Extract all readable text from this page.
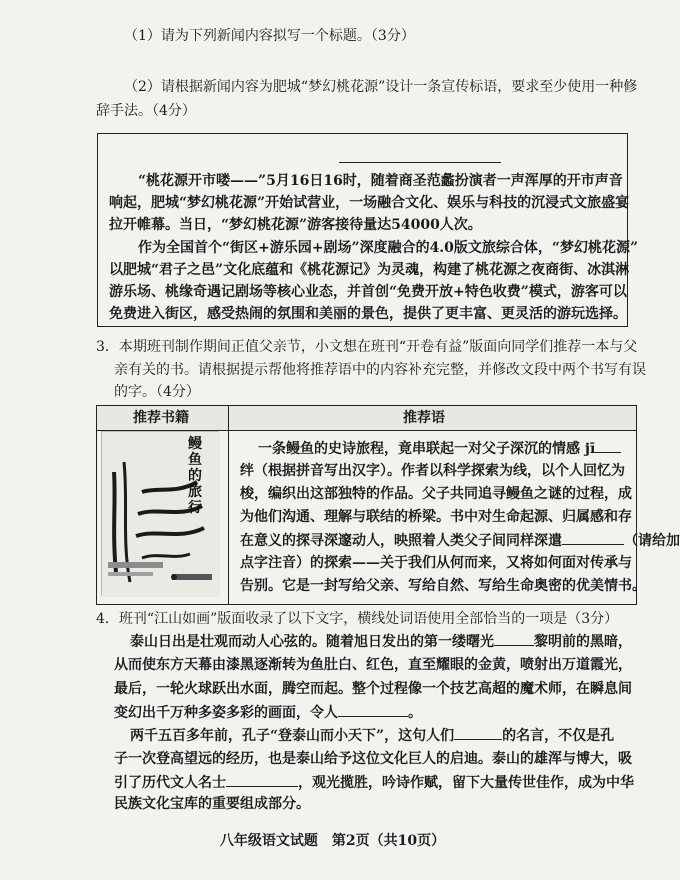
（1）请为下列新闻内容拟写一个标题。（3分）
（2）请根据新闻内容为肥城“梦幻桃花源”设计一条宣传标语，要求至少使用一种修
辞手法。（4分）
“桃花源开市喽——”5月16日16时，随着商圣范蠡扮演者一声浑厚的开市声音
响起，肥城“梦幻桃花源”开始试营业，一场融合文化、娱乐与科技的沉浸式文旅盛宴
拉开帷幕。当日，“梦幻桃花源”游客接待量达54000人次。
作为全国首个“街区+游乐园+剧场”深度融合的4.0版文旅综合体，“梦幻桃花源”
以肥城“君子之邑”文化底蕴和《桃花源记》为灵魂，构建了桃花源之夜商街、冰淇淋
游乐场、桃缘奇遇记剧场等核心业态，并首创“免费开放+特色收费”模式，游客可以
免费进入街区，感受热闹的氛围和美丽的景色，提供了更丰富、更灵活的游玩选择。
3．本期班刊制作期间正值父亲节，小文想在班刊“开卷有益”版面向同学们推荐一本与父
亲有关的书。请根据提示帮他将推荐语中的内容补充完整，并修改文段中两个书写有误
的字。（4分）
推荐书籍	推荐语
鳗鱼的旅行
一条鳗鱼的史诗旅程，竟串联起一对父子深沉的情感 jī
绊（根据拼音写出汉字）。作者以科学探索为线，以个人回忆为
梭，编织出这部独特的作品。父子共同追寻鳗鱼之谜的过程，成
为他们沟通、理解与联结的桥梁。书中对生命起源、归属感和存
在意义的探寻深邃动人，映照着人类父子间同样深遣	（请给加
点字注音）的探索——关于我们从何而来，又将如何面对传承与
告别。它是一封写给父亲、写给自然、写给生命奥密的优美情书。
4．班刊“江山如画”版面收录了以下文字，横线处词语使用全部恰当的一项是（3分）
泰山日出是壮观而动人心弦的。随着旭日发出的第一缕曙光	黎明前的黑暗，
从而使东方天幕由漆黑逐渐转为鱼肚白、红色，直至耀眼的金黄，喷射出万道霞光，
最后，一轮火球跃出水面，腾空而起。整个过程像一个技艺高超的魔术师，在瞬息间
变幻出千万种多姿多彩的画面，令人	。
两千五百多年前，孔子“登泰山而小天下”，这句人们	的名言，不仅是孔
子一次登高望远的经历，也是泰山给予这位文化巨人的启迪。泰山的雄浑与博大，吸
引了历代文人名士	，观光揽胜，吟诗作赋，留下大量传世佳作，成为中华
民族文化宝库的重要组成部分。
八年级语文试题　第2页（共10页）
